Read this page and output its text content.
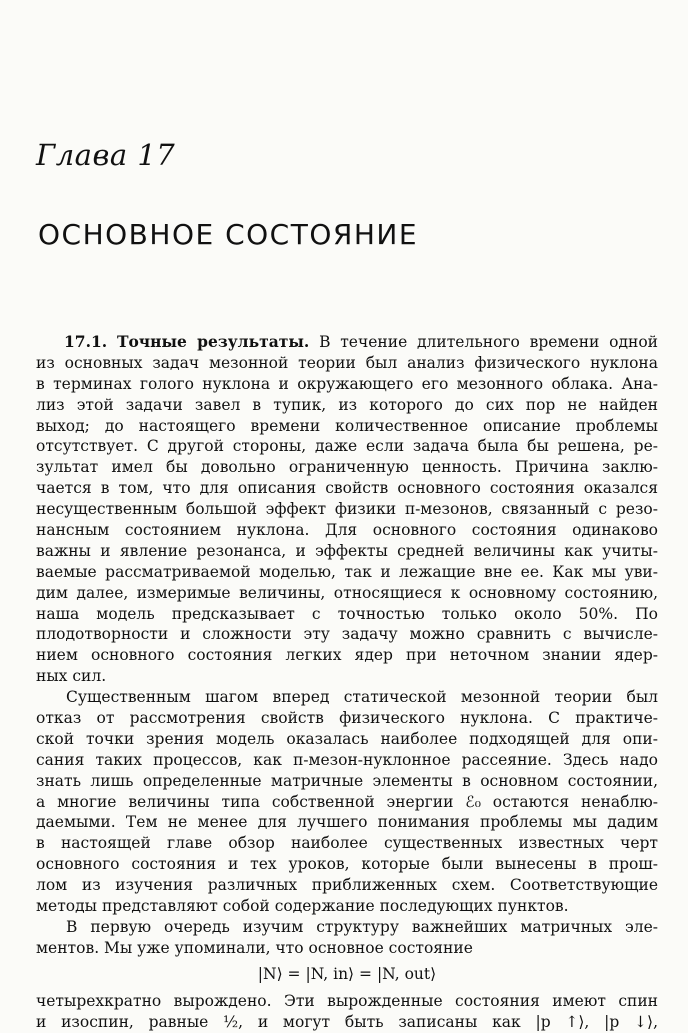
Глава 17
ОСНОВНОЕ СОСТОЯНИЕ
17.1. Точные результаты. В течение длительного времени одной
из основных задач мезонной теории был анализ физического нуклона
в терминах голого нуклона и окружающего его мезонного облака. Ана-
лиз этой задачи завел в тупик, из которого до сих пор не найден
выход; до настоящего времени количественное описание проблемы
отсутствует. С другой стороны, даже если задача была бы решена, ре-
зультат имел бы довольно ограниченную ценность. Причина заклю-
чается в том, что для описания свойств основного состояния оказался
несущественным большой эффект физики π-мезонов, связанный с резо-
нансным состоянием нуклона. Для основного состояния одинаково
важны и явление резонанса, и эффекты средней величины как учиты-
ваемые рассматриваемой моделью, так и лежащие вне ее. Как мы уви-
дим далее, измеримые величины, относящиеся к основному состоянию,
наша модель предсказывает с точностью только около 50%. По
плодотворности и сложности эту задачу можно сравнить с вычисле-
нием основного состояния легких ядер при неточном знании ядер-
ных сил.
Существенным шагом вперед статической мезонной теории был
отказ от рассмотрения свойств физического нуклона. С практиче-
ской точки зрения модель оказалась наиболее подходящей для опи-
сания таких процессов, как π-мезон-нуклонное рассеяние. Здесь надо
знать лишь определенные матричные элементы в основном состоянии,
а многие величины типа собственной энергии ℰ₀ остаются ненаблю-
даемыми. Тем не менее для лучшего понимания проблемы мы дадим
в настоящей главе обзор наиболее существенных известных черт
основного состояния и тех уроков, которые были вынесены в прош-
лом из изучения различных приближенных схем. Соответствующие
методы представляют собой содержание последующих пунктов.
В первую очередь изучим структуру важнейших матричных эле-
ментов. Мы уже упоминали, что основное состояние
|N⟩ = |N, in⟩ = |N, out⟩
четырехкратно вырождено. Эти вырожденные состояния имеют спин
и изоспин, равные ½, и могут быть записаны как |p ↑⟩, |p ↓⟩,
